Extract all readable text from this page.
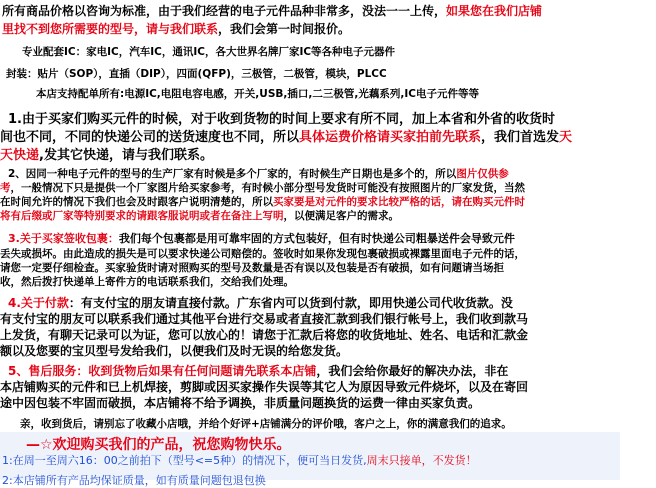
所有商品价格以咨询为标准，由于我们经营的电子元件品种非常多，没法一一上传，如果您在我们店铺
里找不到您所需要的型号，请与我们联系，我们会第一时间报价。
专业配套IC：家电IC，汽车IC，通讯IC，各大世界名牌厂家IC等各种电子元器件
封装：贴片（SOP），直插（DIP），四面(QFP)，三极管，二极管，模块，PLCC
本店支持配单所有:电源IC,电阻电容电感，开关,USB,插口,二三极管,光藕系列,IC电子元件等等
1.由于买家们购买元件的时候，对于收到货物的时间上要求有所不同，加上本省和外省的收货时
间也不同，不同的快递公司的送货速度也不同，所以具体运费价格请买家拍前先联系，我们首选发天
天快递,发其它快递，请与我们联系。
2、因同一种电子元件的型号的生产厂家有时候是多个厂家的，有时候生产日期也是多个的，所以图片仅供参
考，一般情况下只是提供一个厂家图片给买家参考，有时候小部分型号发货时可能没有按照图片的厂家发货，当然
在时间允许的情况下我们也会及时跟客户说明清楚的，所以买家要是对元件的要求比较严格的话，请在购买元件时
将有后缀或厂家等特别要求的请跟客服说明或者在备注上写明，以便满足客户的需求。
3.关于买家签收包裹：我们每个包裹都是用可靠牢固的方式包装好，但有时快递公司粗暴送件会导致元件
丢失或损坏。由此造成的损失是可以要求快递公司赔偿的。签收时如果你发现包裹破损或裸露里面电子元件的话，
请您一定要仔细检查。买家验货时请对照购买的型号及数量是否有误以及包装是否有破损，如有问题请当场拒
收，然后拨打快递单上寄件方的电话联系我们，交给我们处理。
4.关于付款：有支付宝的朋友请直接付款。广东省内可以货到付款，即用快递公司代收货款。没
有支付宝的朋友可以联系我们通过其他平台进行交易或者直接汇款到我们银行帐号上，我们收到款马
上发货，有聊天记录可以为证，您可以放心的！请您于汇款后将您的收货地址、姓名、电话和汇款金
额以及您要的宝贝型号发给我们，以便我们及时无误的给您发货。
5、售后服务：收到货物后如果有任何问题请先联系本店铺，我们会给你最好的解决办法，非在
本店铺购买的元件和已上机焊接，剪脚或因买家操作失误等其它人为原因导致元件烧坏，以及在寄回
途中因包装不牢固而破损，本店铺将不给予调换，非质量问题换货的运费一律由买家负责。
亲，收到货后，请别忘了收藏小店哦，并给个好评+店铺满分的评价哦，客户之上，你的满意我们的追求。
—☆欢迎购买我们的产品，祝您购物快乐。
1:在周一至周六16：00之前拍下（型号<=5种）的情况下，便可当日发货,周末只接单，不发货！
2:本店铺所有产品均保证质量，如有质量问题包退包换
